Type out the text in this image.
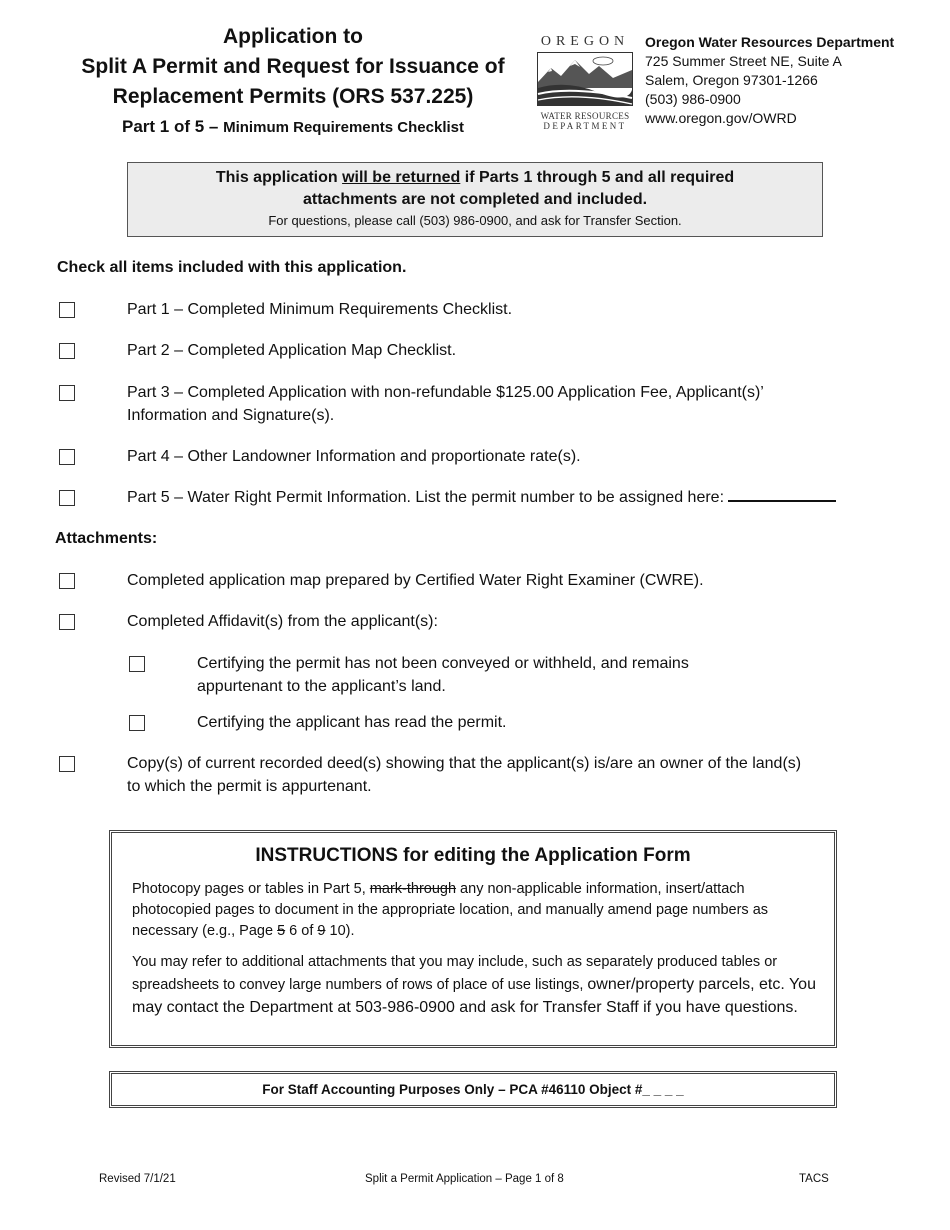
Application to
Split A Permit and Request for Issuance of
Replacement Permits (ORS 537.225)
Part 1 of 5 – Minimum Requirements Checklist
OREGON
WATER RESOURCES
DEPARTMENT
Oregon Water Resources Department
725 Summer Street NE, Suite A
Salem, Oregon 97301-1266
(503) 986-0900
www.oregon.gov/OWRD
This application will be returned if Parts 1 through 5 and all required
attachments are not completed and included.
For questions, please call (503) 986-0900, and ask for Transfer Section.
Check all items included with this application.
Part 1 – Completed Minimum Requirements Checklist.
Part 2 – Completed Application Map Checklist.
Part 3 – Completed Application with non-refundable $125.00 Application Fee, Applicant(s)’ Information and Signature(s).
Part 4 – Other Landowner Information and proportionate rate(s).
Part 5 – Water Right Permit Information. List the permit number to be assigned here:
Attachments:
Completed application map prepared by Certified Water Right Examiner (CWRE).
Completed Affidavit(s) from the applicant(s):
Certifying the permit has not been conveyed or withheld, and remains appurtenant to the applicant’s land.
Certifying the applicant has read the permit.
Copy(s) of current recorded deed(s) showing that the applicant(s) is/are an owner of the land(s) to which the permit is appurtenant.
INSTRUCTIONS for editing the Application Form
Photocopy pages or tables in Part 5, mark-through any non-applicable information, insert/attach photocopied pages to document in the appropriate location, and manually amend page numbers as necessary (e.g., Page 5 6 of 9 10).
You may refer to additional attachments that you may include, such as separately produced tables or spreadsheets to convey large numbers of rows of place of use listings, owner/property parcels, etc. You may contact the Department at 503-986-0900 and ask for Transfer Staff if you have questions.
For Staff Accounting Purposes Only – PCA #46110 Object #_ _ _ _
Revised 7/1/21	Split a Permit Application – Page 1 of 8	TACS
